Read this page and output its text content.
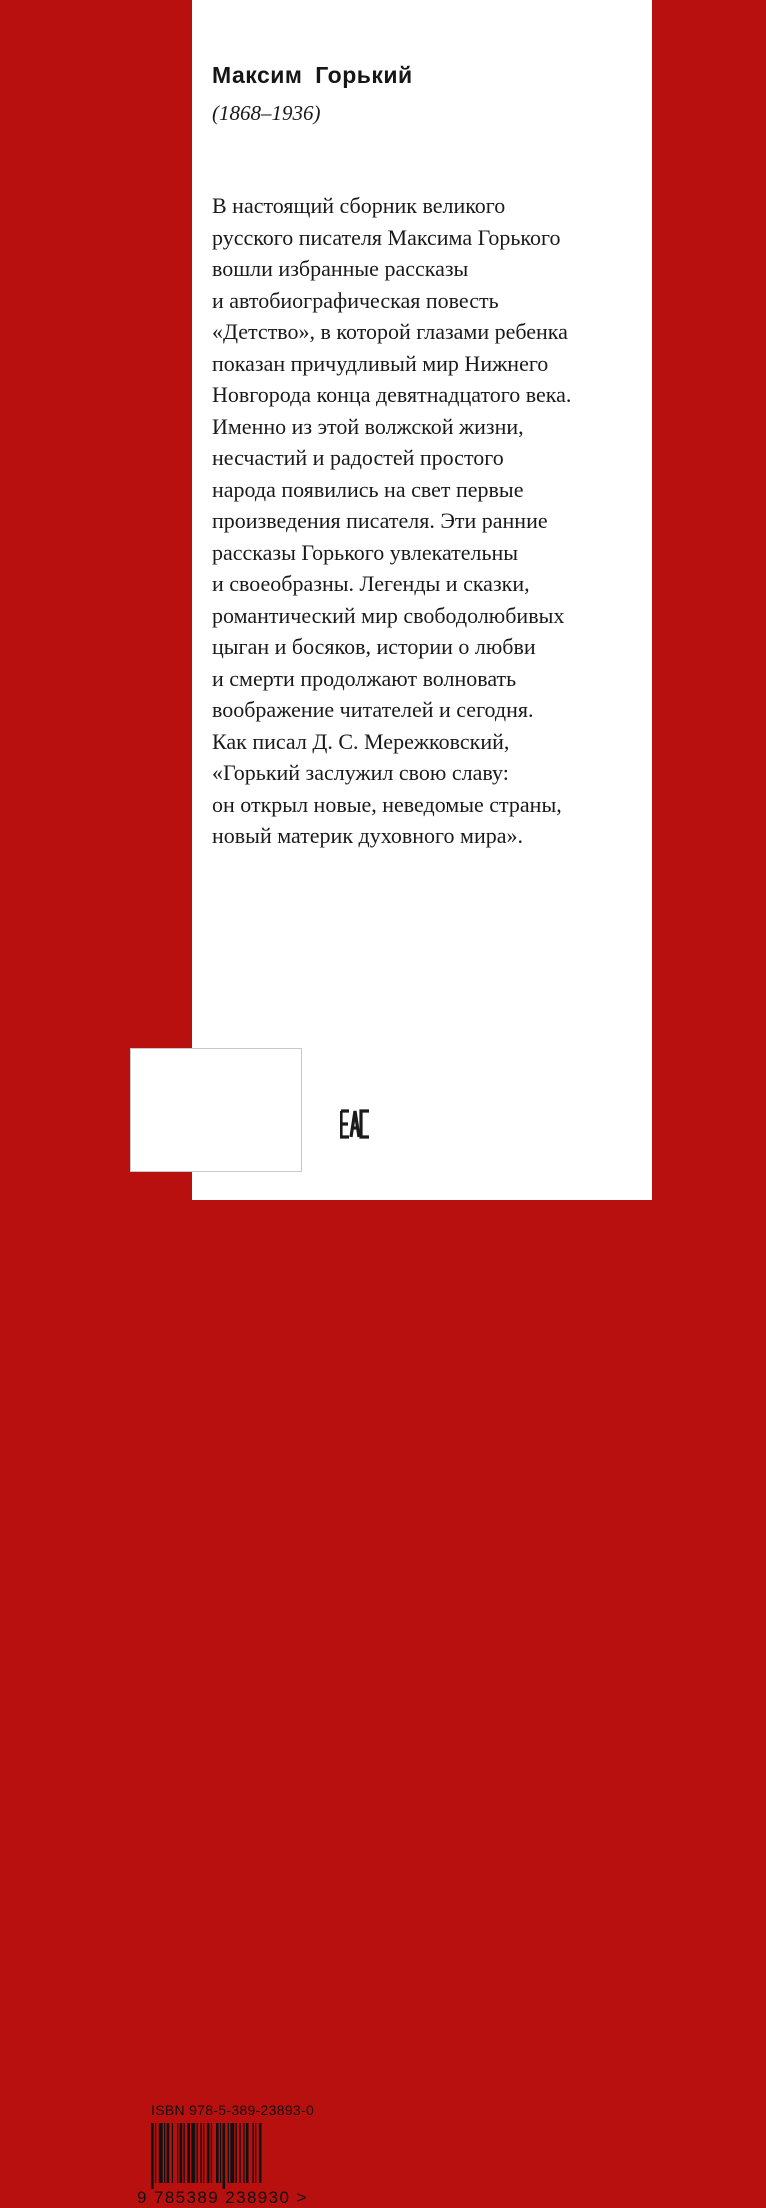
Максим Горький
(1868–1936)

В настоящий сборник великого
русского писателя Максима Горького
вошли избранные рассказы
и автобиографическая повесть
«Детство», в которой глазами ребенка
показан причудливый мир Нижнего
Новгорода конца девятнадцатого века.
Именно из этой волжской жизни,
несчастий и радостей простого
народа появились на свет первые
произведения писателя. Эти ранние
рассказы Горького увлекательны
и своеобразны. Легенды и сказки,
романтический мир свободолюбивых
цыган и босяков, истории о любви
и смерти продолжают волновать
воображение читателей и сегодня.
Как писал Д. С. Мережковский,
«Горький заслужил свою славу:
он открыл новые, неведомые страны,
новый материк духовного мира».

ISBN 978-5-389-23893-0
9 785389 238930 >
